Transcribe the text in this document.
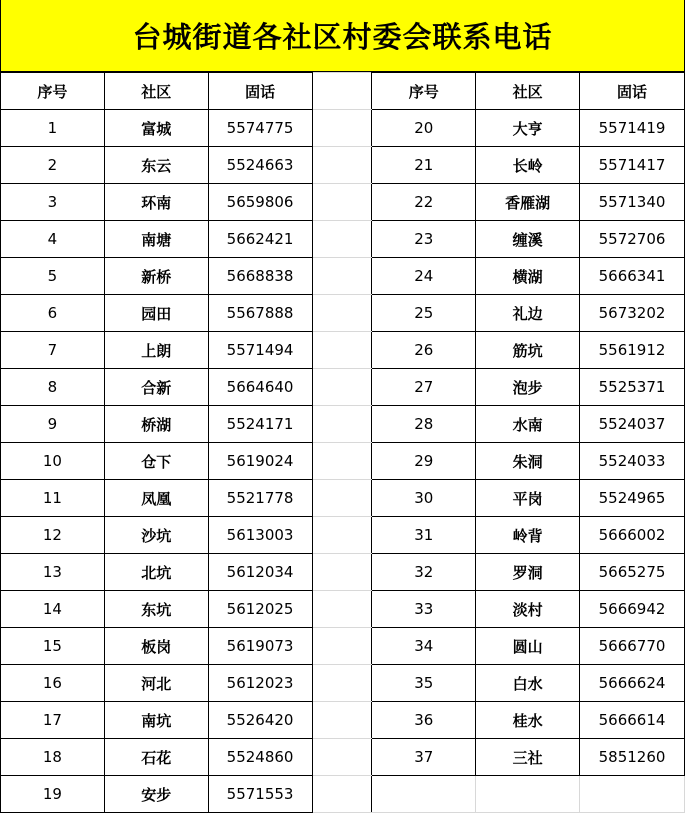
台城街道各社区村委会联系电话
序号	社区	固话		序号	社区	固话
1	富城	5574775		20	大亨	5571419
2	东云	5524663		21	长岭	5571417
3	环南	5659806		22	香雁湖	5571340
4	南塘	5662421		23	缠溪	5572706
5	新桥	5668838		24	横湖	5666341
6	园田	5567888		25	礼边	5673202
7	上朗	5571494		26	筋坑	5561912
8	合新	5664640		27	泡步	5525371
9	桥湖	5524171		28	水南	5524037
10	仓下	5619024		29	朱洞	5524033
11	凤凰	5521778		30	平岗	5524965
12	沙坑	5613003		31	岭背	5666002
13	北坑	5612034		32	罗洞	5665275
14	东坑	5612025		33	淡村	5666942
15	板岗	5619073		34	圆山	5666770
16	河北	5612023		35	白水	5666624
17	南坑	5526420		36	桂水	5666614
18	石花	5524860		37	三社	5851260
19	安步	5571553				
